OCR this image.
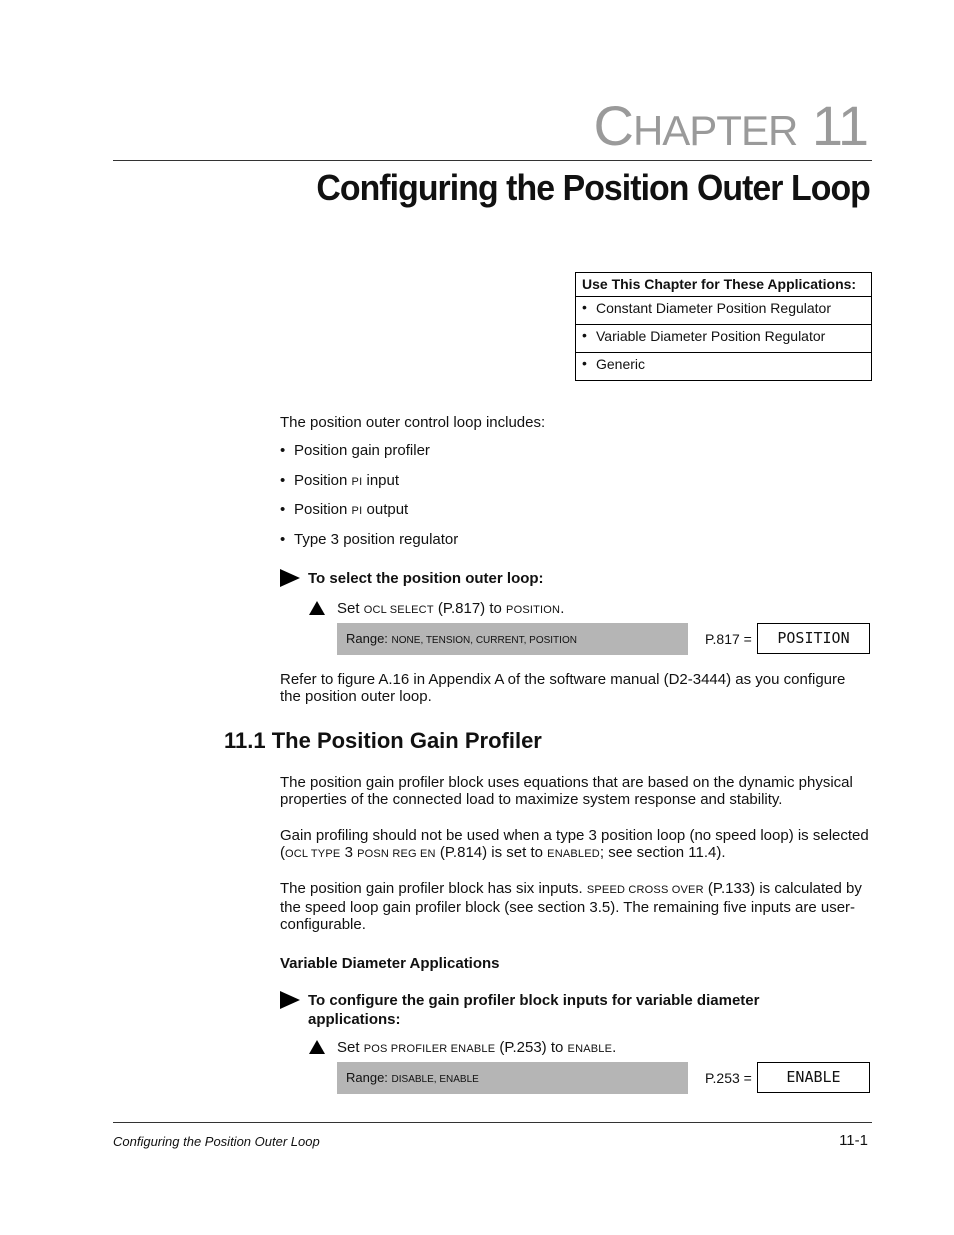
CHAPTER 11
Configuring the Position Outer Loop
Use This Chapter for These Applications:
• Constant Diameter Position Regulator
• Variable Diameter Position Regulator
• Generic
The position outer control loop includes:
• Position gain profiler
• Position PI input
• Position PI output
• Type 3 position regulator
To select the position outer loop:
Set OCL SELECT (P.817) to POSITION.
Range: NONE, TENSION, CURRENT, POSITION	P.817 =	POSITION
Refer to figure A.16 in Appendix A of the software manual (D2-3444) as you configure the position outer loop.
11.1 The Position Gain Profiler
The position gain profiler block uses equations that are based on the dynamic physical properties of the connected load to maximize system response and stability.
Gain profiling should not be used when a type 3 position loop (no speed loop) is selected (OCL TYPE 3 POSN REG EN (P.814) is set to ENABLED; see section 11.4).
The position gain profiler block has six inputs. SPEED CROSS OVER (P.133) is calculated by the speed loop gain profiler block (see section 3.5). The remaining five inputs are user-configurable.
Variable Diameter Applications
To configure the gain profiler block inputs for variable diameter applications:
Set POS PROFILER ENABLE (P.253) to ENABLE.
Range: DISABLE, ENABLE	P.253 =	ENABLE
Configuring the Position Outer Loop	11-1
